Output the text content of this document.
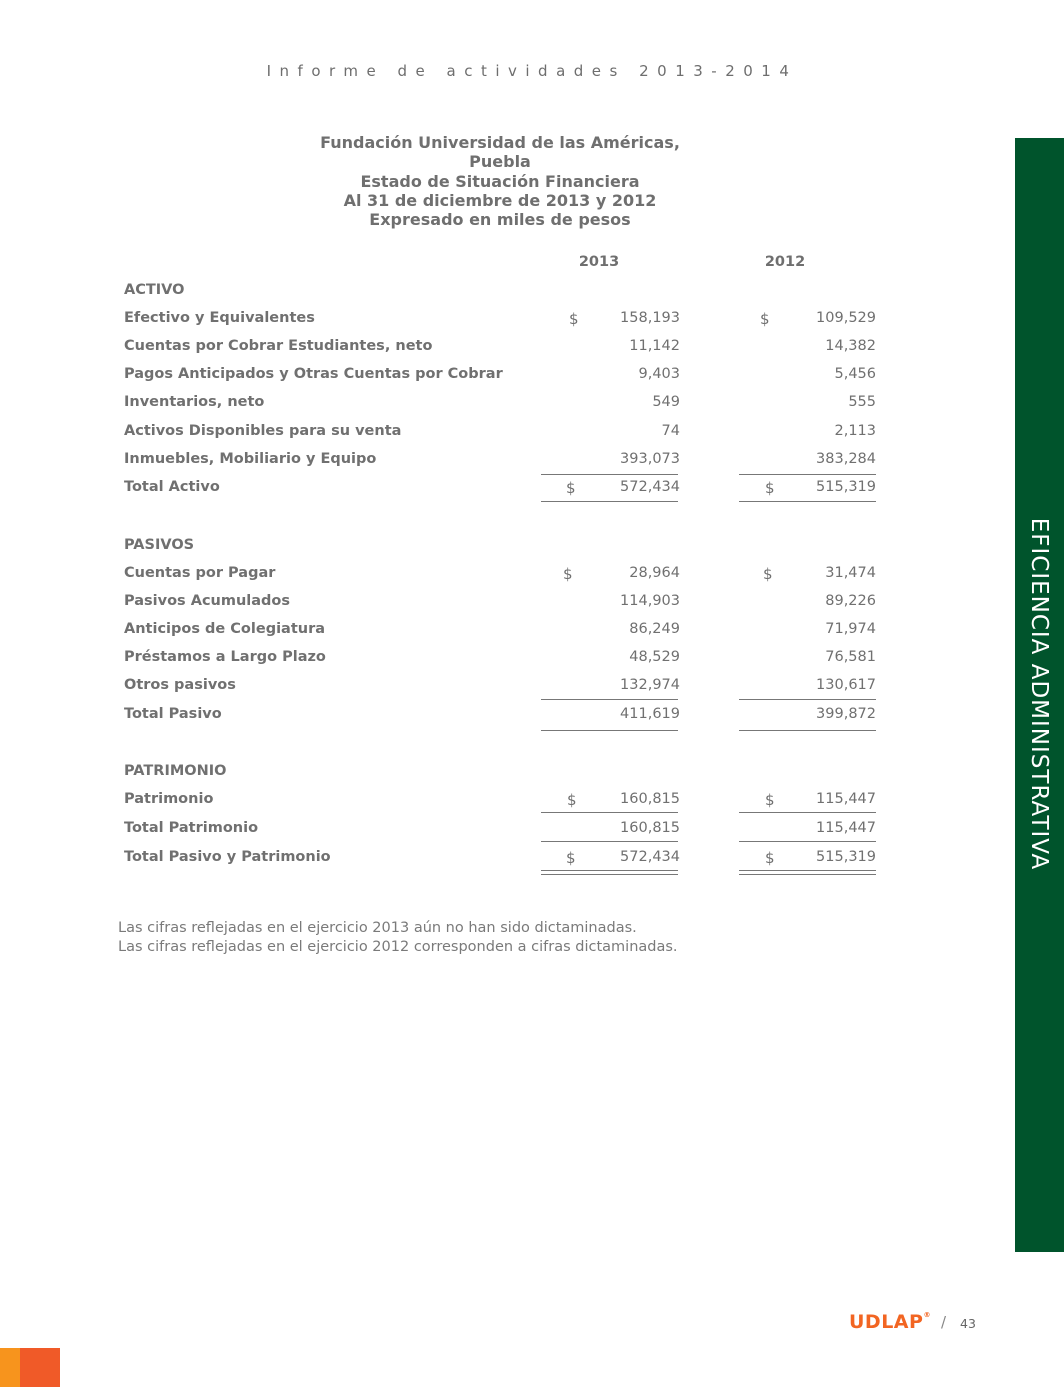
Informe de actividades 2013-2014
Fundación Universidad de las Américas, Puebla
Estado de Situación Financiera
Al 31 de diciembre de 2013 y 2012
Expresado en miles de pesos
2013	2012
ACTIVO
Efectivo y Equivalentes	$	158,193	$	109,529
Cuentas por Cobrar Estudiantes, neto	11,142	14,382
Pagos Anticipados y Otras Cuentas por Cobrar	9,403	5,456
Inventarios, neto	549	555
Activos Disponibles para su venta	74	2,113
Inmuebles, Mobiliario y Equipo	393,073	383,284
Total Activo	$	572,434	$	515,319
PASIVOS
Cuentas por Pagar	$	28,964	$	31,474
Pasivos Acumulados	114,903	89,226
Anticipos de Colegiatura	86,249	71,974
Préstamos a Largo Plazo	48,529	76,581
Otros pasivos	132,974	130,617
Total Pasivo	411,619	399,872
PATRIMONIO
Patrimonio	$	160,815	$	115,447
Total Patrimonio	160,815	115,447
Total Pasivo y Patrimonio	$	572,434	$	515,319
Las cifras reflejadas en el ejercicio 2013 aún no han sido dictaminadas.
Las cifras reflejadas en el ejercicio 2012 corresponden a cifras dictaminadas.
EFICIENCIA ADMINISTRATIVA
UDLAP® / 43
